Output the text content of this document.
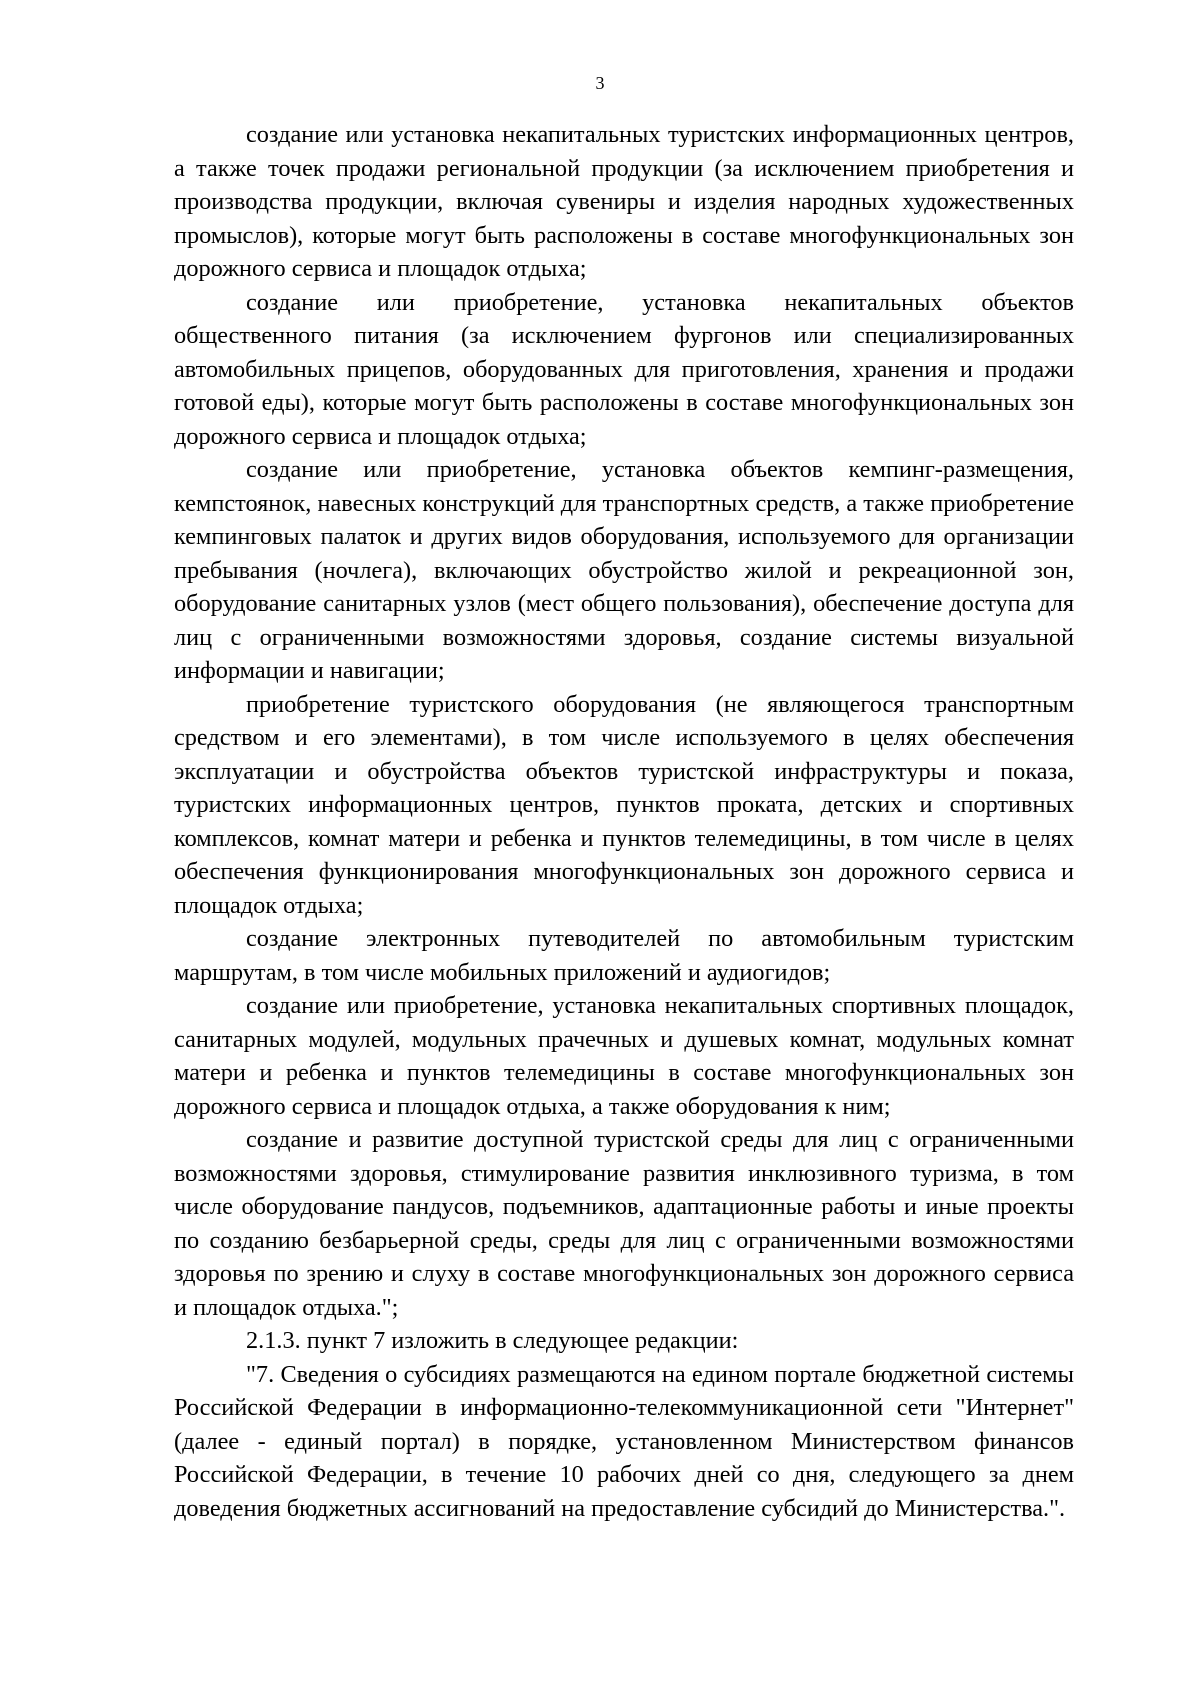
3

создание или установка некапитальных туристских информационных центров, а также точек продажи региональной продукции (за исключением приобретения и производства продукции, включая сувениры и изделия народных художественных промыслов), которые могут быть расположены в составе многофункциональных зон дорожного сервиса и площадок отдыха;

создание или приобретение, установка некапитальных объектов общественного питания (за исключением фургонов или специализированных автомобильных прицепов, оборудованных для приготовления, хранения и продажи готовой еды), которые могут быть расположены в составе многофункциональных зон дорожного сервиса и площадок отдыха;

создание или приобретение, установка объектов кемпинг-размещения, кемпстоянок, навесных конструкций для транспортных средств, а также приобретение кемпинговых палаток и других видов оборудования, используемого для организации пребывания (ночлега), включающих обустройство жилой и рекреационной зон, оборудование санитарных узлов (мест общего пользования), обеспечение доступа для лиц с ограниченными возможностями здоровья, создание системы визуальной информации и навигации;

приобретение туристского оборудования (не являющегося транспортным средством и его элементами), в том числе используемого в целях обеспечения эксплуатации и обустройства объектов туристской инфраструктуры и показа, туристских информационных центров, пунктов проката, детских и спортивных комплексов, комнат матери и ребенка и пунктов телемедицины, в том числе в целях обеспечения функционирования многофункциональных зон дорожного сервиса и площадок отдыха;

создание электронных путеводителей по автомобильным туристским маршрутам, в том числе мобильных приложений и аудиогидов;

создание или приобретение, установка некапитальных спортивных площадок, санитарных модулей, модульных прачечных и душевых комнат, модульных комнат матери и ребенка и пунктов телемедицины в составе многофункциональных зон дорожного сервиса и площадок отдыха, а также оборудования к ним;

создание и развитие доступной туристской среды для лиц с ограниченными возможностями здоровья, стимулирование развития инклюзивного туризма, в том числе оборудование пандусов, подъемников, адаптационные работы и иные проекты по созданию безбарьерной среды, среды для лиц с ограниченными возможностями здоровья по зрению и слуху в составе многофункциональных зон дорожного сервиса и площадок отдыха.";

2.1.3. пункт 7 изложить в следующее редакции:

"7. Сведения о субсидиях размещаются на едином портале бюджетной системы Российской Федерации в информационно-телекоммуникационной сети "Интернет" (далее - единый портал) в порядке, установленном Министерством финансов Российской Федерации, в течение 10 рабочих дней со дня, следующего за днем доведения бюджетных ассигнований на предоставление субсидий до Министерства.".
